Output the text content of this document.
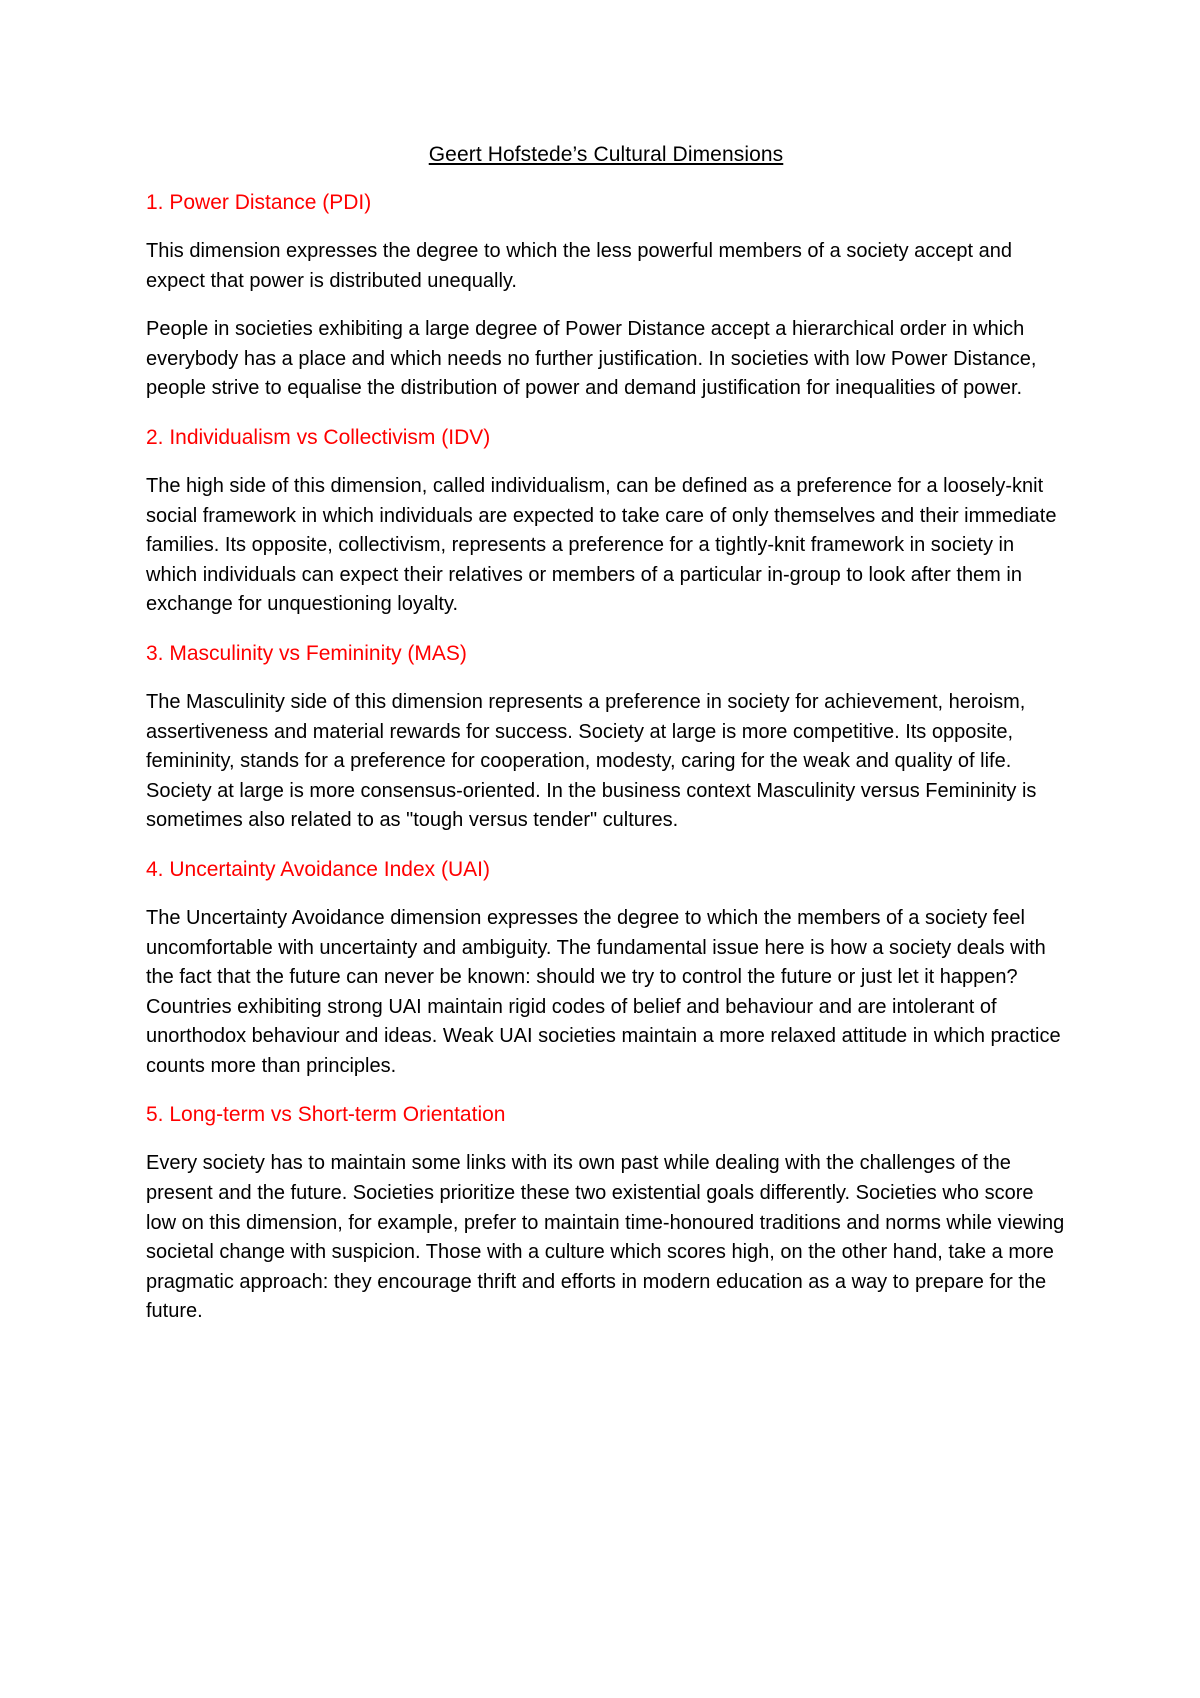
Geert Hofstede’s Cultural Dimensions
1. Power Distance (PDI)

This dimension expresses the degree to which the less powerful members of a society accept and expect that power is distributed unequally.

People in societies exhibiting a large degree of Power Distance accept a hierarchical order in which everybody has a place and which needs no further justification. In societies with low Power Distance, people strive to equalise the distribution of power and demand justification for inequalities of power.

2. Individualism vs Collectivism (IDV)

The high side of this dimension, called individualism, can be defined as a preference for a loosely-knit social framework in which individuals are expected to take care of only themselves and their immediate families. Its opposite, collectivism, represents a preference for a tightly-knit framework in society in which individuals can expect their relatives or members of a particular in-group to look after them in exchange for unquestioning loyalty.

3. Masculinity vs Femininity (MAS)

The Masculinity side of this dimension represents a preference in society for achievement, heroism, assertiveness and material rewards for success. Society at large is more competitive. Its opposite, femininity, stands for a preference for cooperation, modesty, caring for the weak and quality of life. Society at large is more consensus-oriented. In the business context Masculinity versus Femininity is sometimes also related to as "tough versus tender" cultures.

4. Uncertainty Avoidance Index (UAI)

The Uncertainty Avoidance dimension expresses the degree to which the members of a society feel uncomfortable with uncertainty and ambiguity. The fundamental issue here is how a society deals with the fact that the future can never be known: should we try to control the future or just let it happen? Countries exhibiting strong UAI maintain rigid codes of belief and behaviour and are intolerant of unorthodox behaviour and ideas. Weak UAI societies maintain a more relaxed attitude in which practice counts more than principles.

5. Long-term vs Short-term Orientation

Every society has to maintain some links with its own past while dealing with the challenges of the present and the future. Societies prioritize these two existential goals differently. Societies who score low on this dimension, for example, prefer to maintain time-honoured traditions and norms while viewing societal change with suspicion. Those with a culture which scores high, on the other hand, take a more pragmatic approach: they encourage thrift and efforts in modern education as a way to prepare for the future.
